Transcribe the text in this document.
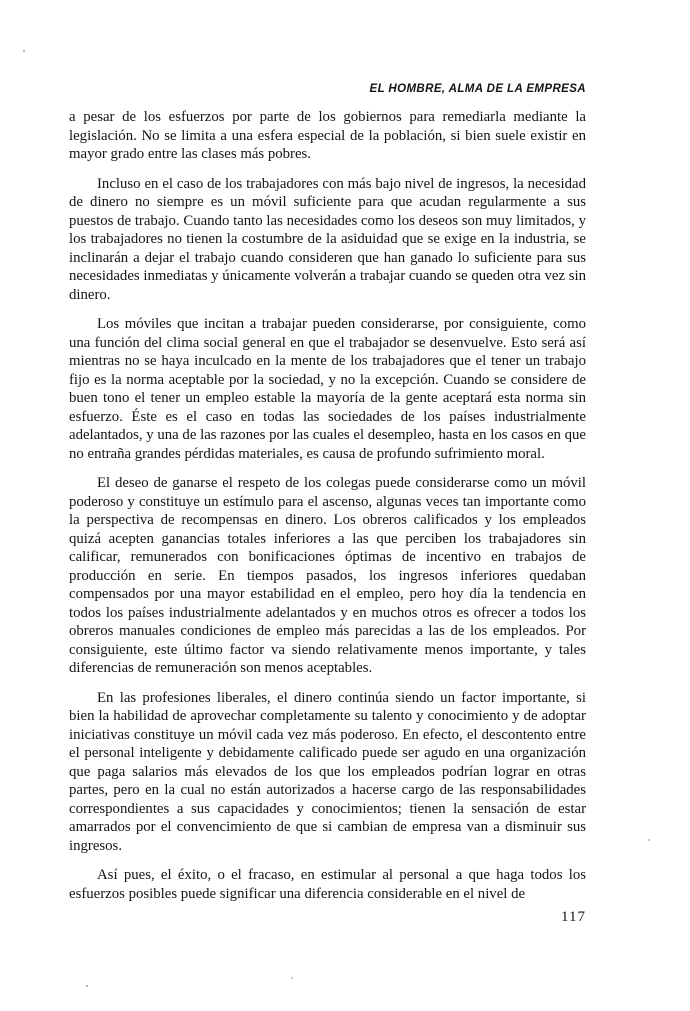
EL HOMBRE, ALMA DE LA EMPRESA

a pesar de los esfuerzos por parte de los gobiernos para remediarla mediante la legislación. No se limita a una esfera especial de la población, si bien suele existir en mayor grado entre las clases más pobres.

Incluso en el caso de los trabajadores con más bajo nivel de ingresos, la necesidad de dinero no siempre es un móvil suficiente para que acudan regularmente a sus puestos de trabajo. Cuando tanto las necesidades como los deseos son muy limitados, y los trabajadores no tienen la costumbre de la asiduidad que se exige en la industria, se inclinarán a dejar el trabajo cuando consideren que han ganado lo suficiente para sus necesidades inmediatas y únicamente volverán a trabajar cuando se queden otra vez sin dinero.

Los móviles que incitan a trabajar pueden considerarse, por consiguiente, como una función del clima social general en que el trabajador se desenvuelve. Esto será así mientras no se haya inculcado en la mente de los trabajadores que el tener un trabajo fijo es la norma aceptable por la sociedad, y no la excepción. Cuando se considere de buen tono el tener un empleo estable la mayoría de la gente aceptará esta norma sin esfuerzo. Éste es el caso en todas las sociedades de los países industrialmente adelantados, y una de las razones por las cuales el desempleo, hasta en los casos en que no entraña grandes pérdidas materiales, es causa de profundo sufrimiento moral.

El deseo de ganarse el respeto de los colegas puede considerarse como un móvil poderoso y constituye un estímulo para el ascenso, algunas veces tan importante como la perspectiva de recompensas en dinero. Los obreros calificados y los empleados quizá acepten ganancias totales inferiores a las que perciben los trabajadores sin calificar, remunerados con bonificaciones óptimas de incentivo en trabajos de producción en serie. En tiempos pasados, los ingresos inferiores quedaban compensados por una mayor estabilidad en el empleo, pero hoy día la tendencia en todos los países industrialmente adelantados y en muchos otros es ofrecer a todos los obreros manuales condiciones de empleo más parecidas a las de los empleados. Por consiguiente, este último factor va siendo relativamente menos importante, y tales diferencias de remuneración son menos aceptables.

En las profesiones liberales, el dinero continúa siendo un factor importante, si bien la habilidad de aprovechar completamente su talento y conocimiento y de adoptar iniciativas constituye un móvil cada vez más poderoso. En efecto, el descontento entre el personal inteligente y debidamente calificado puede ser agudo en una organización que paga salarios más elevados de los que los empleados podrían lograr en otras partes, pero en la cual no están autorizados a hacerse cargo de las responsabilidades correspondientes a sus capacidades y conocimientos; tienen la sensación de estar amarrados por el convencimiento de que si cambian de empresa van a disminuir sus ingresos.

Así pues, el éxito, o el fracaso, en estimular al personal a que haga todos los esfuerzos posibles puede significar una diferencia considerable en el nivel de

117
